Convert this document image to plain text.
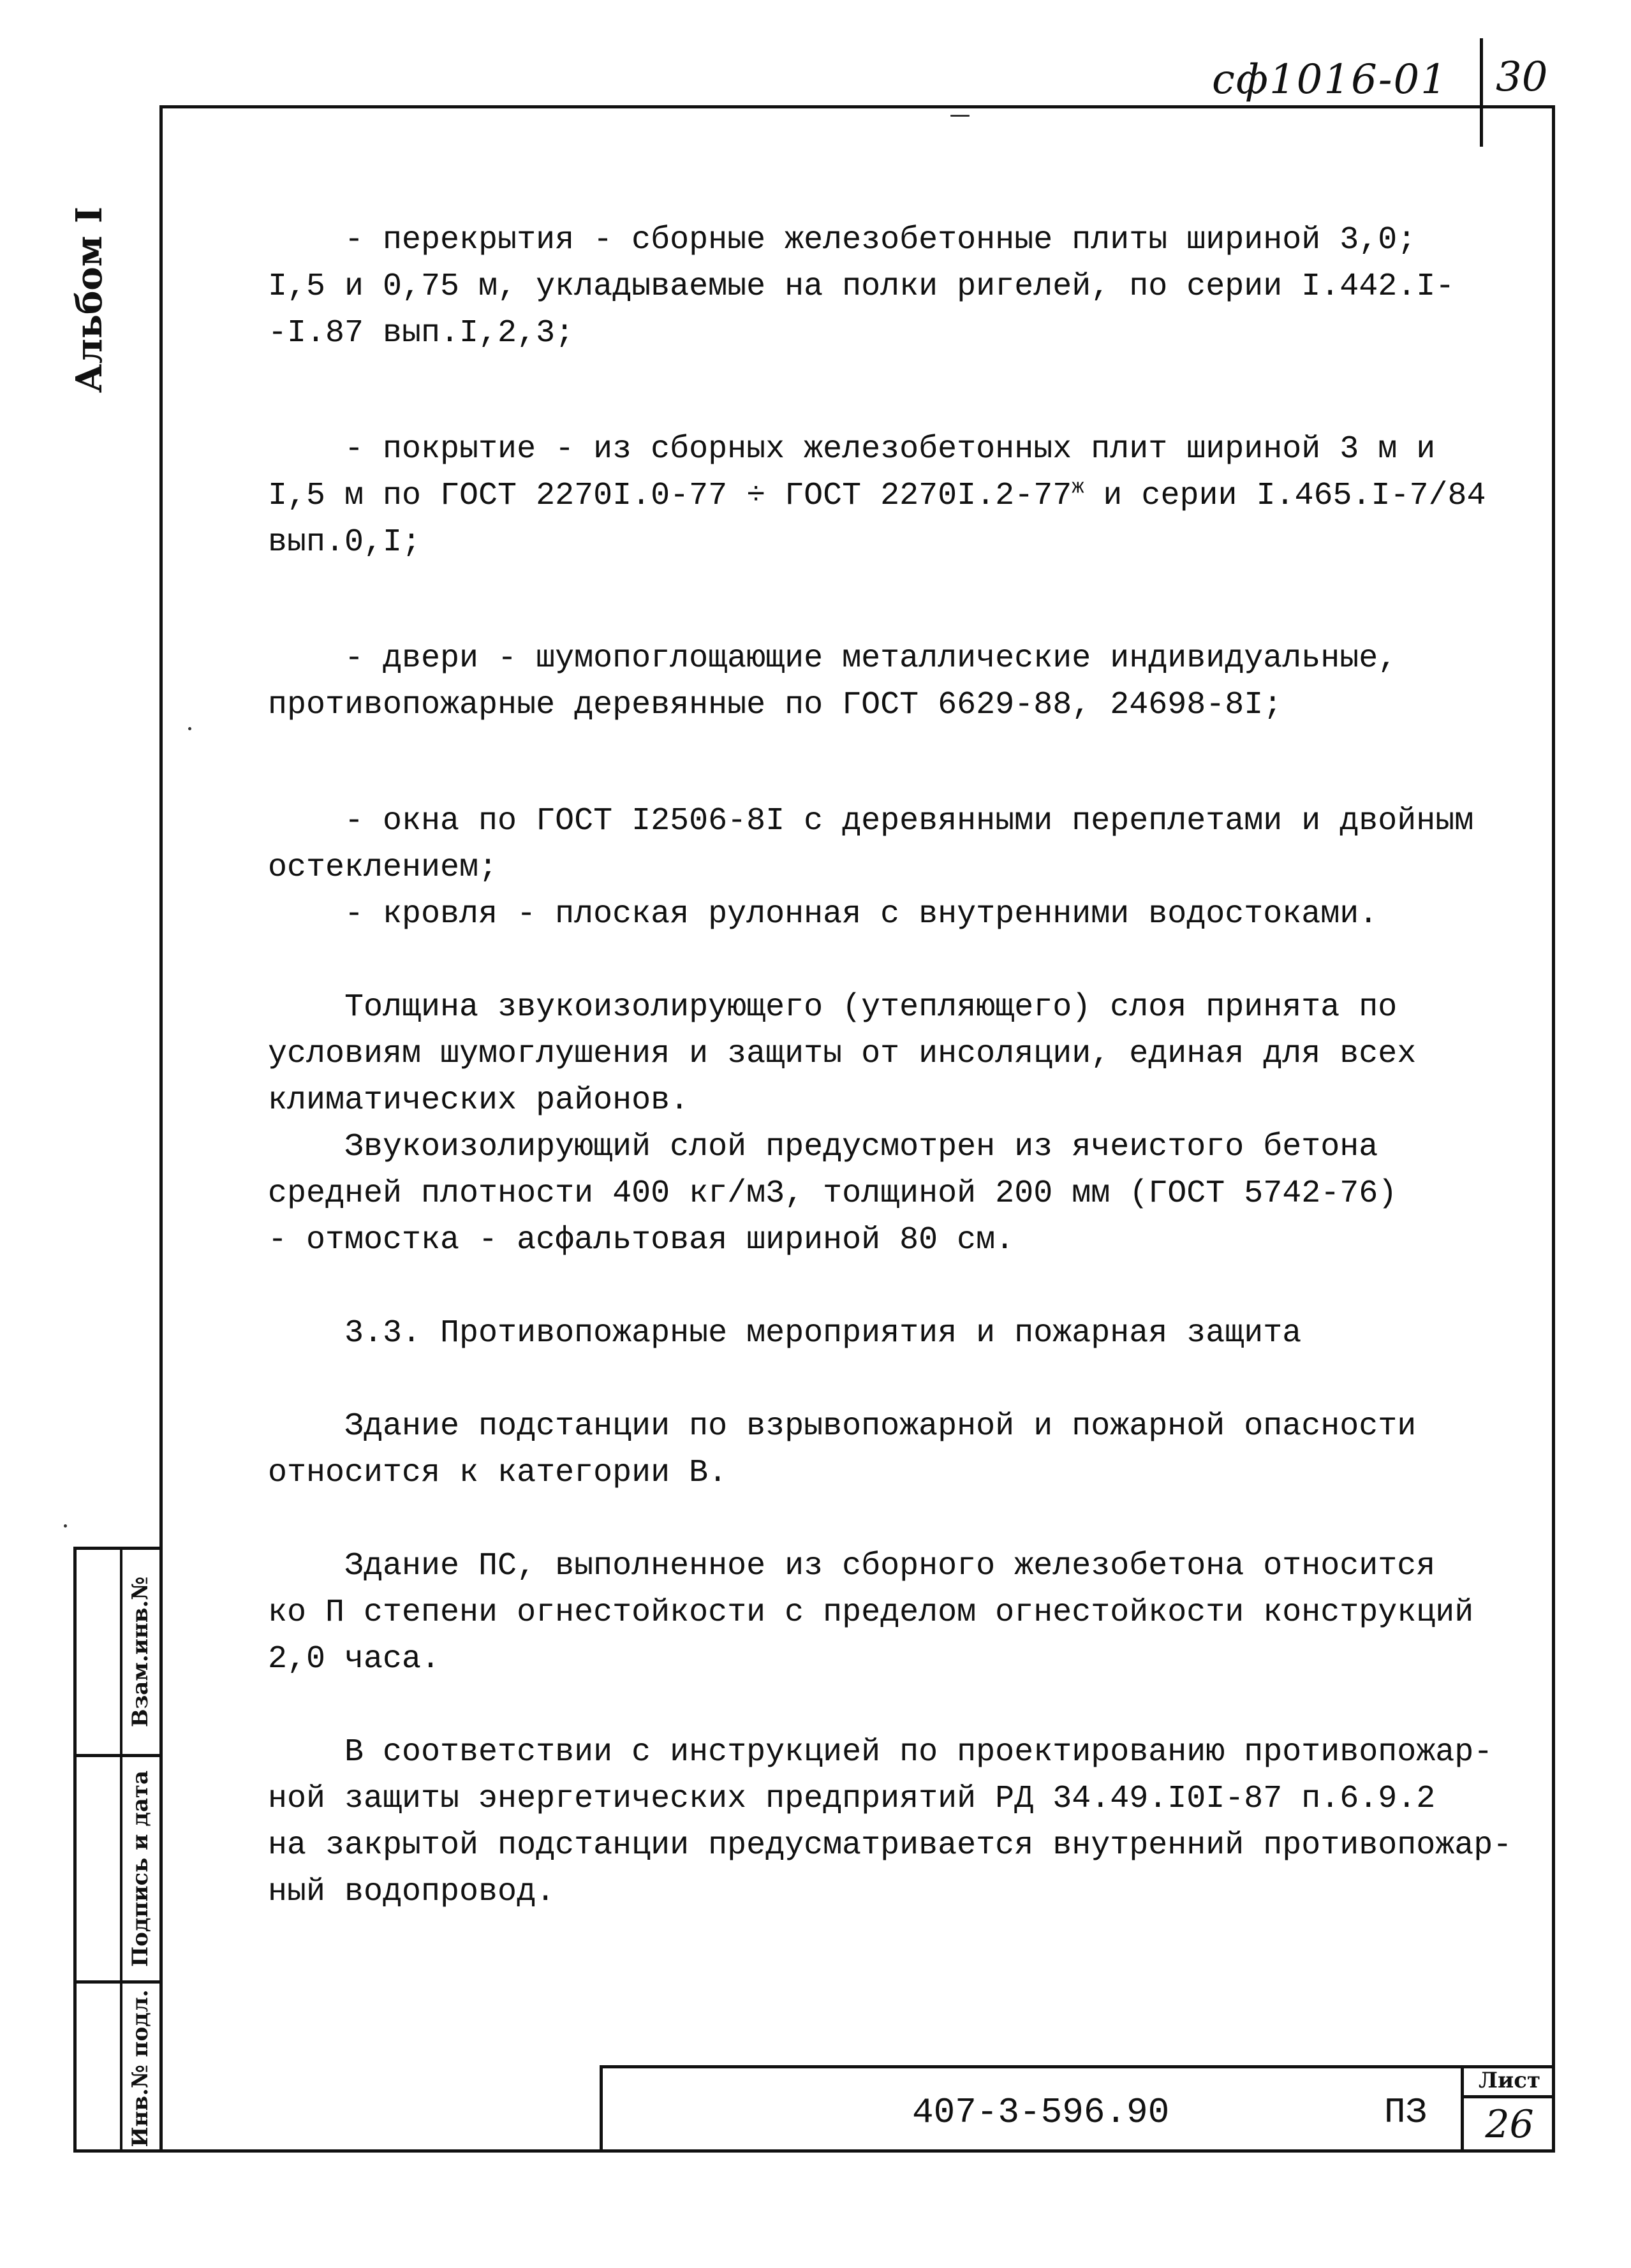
сф1016-01 30
Альбом I
Взам.инв.№
Подпись и дата
Инв.№ подл.

- перекрытия - сборные железобетонные плиты шириной 3,0;

I,5 и 0,75 м, укладываемые на полки ригелей, по серии I.442.I-

-I.87 вып.I,2,3;

- покрытие - из сборных железобетонных плит шириной 3 м и

I,5 м по ГОСТ 2270I.0-77 ÷ ГОСТ $2270I.2-77^ж$ и серии I.465.I-7/84

вып.0,I;

- двери - шумопоглощающие металлические индивидуальные,

противопожарные деревянные по ГОСТ 6629-88, 24698-8I;

- окна по ГОСТ I2506-8I с деревянными переплетами и двойным

остеклением;

- кровля - плоская рулонная с внутренними водостоками.

Толщина звукоизолирующего (утепляющего) слоя принята по

условиям шумоглушения и защиты от инсоляции, единая для всех

климатических районов.

Звукоизолирующий слой предусмотрен из ячеистого бетона

средней плотности 400 кг/м3, толщиной 200 мм (ГОСТ 5742-76)

- отмостка - асфальтовая шириной 80 см.

3.3. Противопожарные мероприятия и пожарная защита

Здание подстанции по взрывопожарной и пожарной опасности

относится к категории В.

Здание ПС, выполненное из сборного железобетона относится

ко П степени огнестойкости с пределом огнестойкости конструкций

2,0 часа.

В соответствии с инструкцией по проектированию противопожар-

ной защиты энергетических предприятий РД 34.49.I0I-87 п.6.9.2

на закрытой подстанции предусматривается внутренний противопожар-

ный водопровод.

407-3-596.90	ПЗ
Лист
26
